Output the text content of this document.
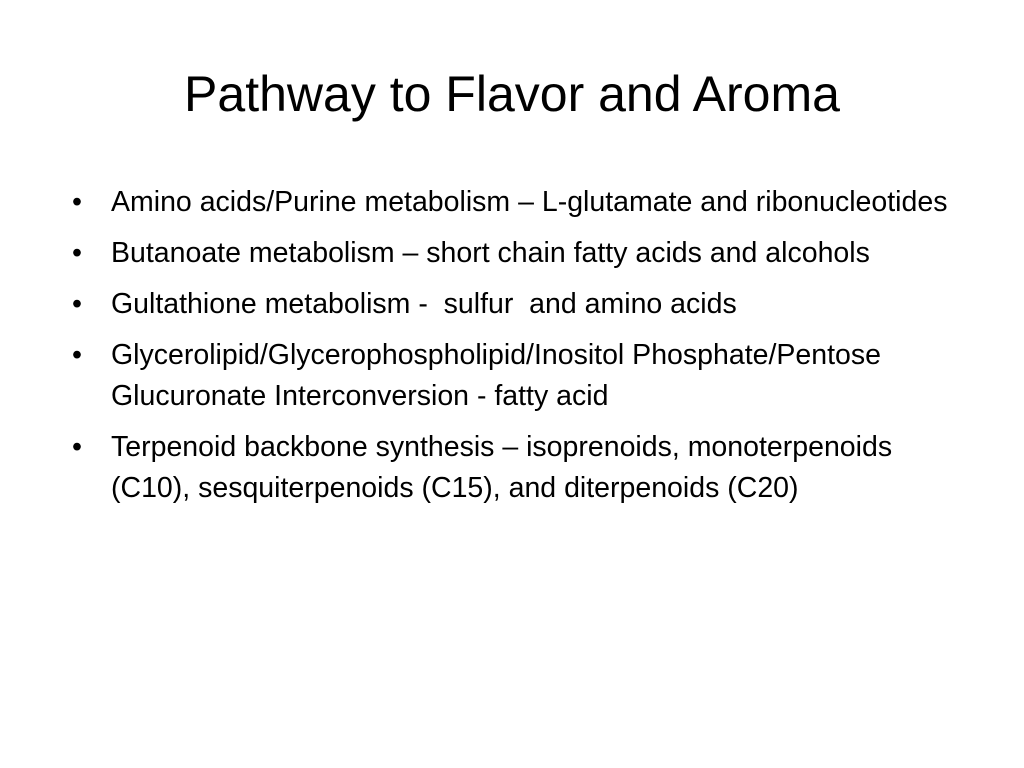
Pathway to Flavor and Aroma
•	Amino acids/Purine metabolism – L-glutamate and ribonucleotides
•	Butanoate metabolism – short chain fatty acids and alcohols
•	Gultathione metabolism -  sulfur  and amino acids
•	Glycerolipid/Glycerophospholipid/Inositol Phosphate/Pentose Glucuronate Interconversion - fatty acid
•	Terpenoid backbone synthesis – isoprenoids, monoterpenoids (C10), sesquiterpenoids (C15), and diterpenoids (C20)
